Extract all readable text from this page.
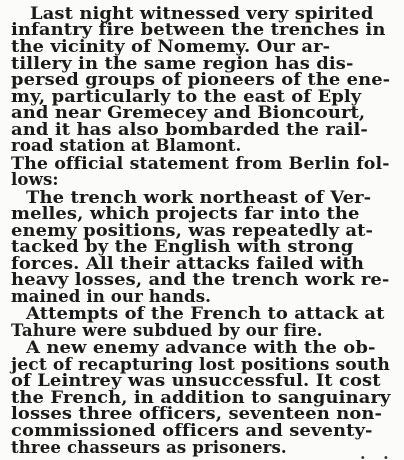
Last night witnessed very spirited
infantry fire between the trenches in
the vicinity of Nomemy. Our ar-
tillery in the same region has dis-
persed groups of pioneers of the ene-
my, particularly to the east of Eply
and near Gremecey and Bioncourt,
and it has also bombarded the rail-
road station at Blamont.
The official statement from Berlin fol-
lows:
The trench work northeast of Ver-
melles, which projects far into the
enemy positions, was repeatedly at-
tacked by the English with strong
forces. All their attacks failed with
heavy losses, and the trench work re-
mained in our hands.
Attempts of the French to attack at
Tahure were subdued by our fire.
A new enemy advance with the ob-
ject of recapturing lost positions south
of Leintrey was unsuccessful. It cost
the French, in addition to sanguinary
losses three officers, seventeen non-
commissioned officers and seventy-
three chasseurs as prisoners.	. .
